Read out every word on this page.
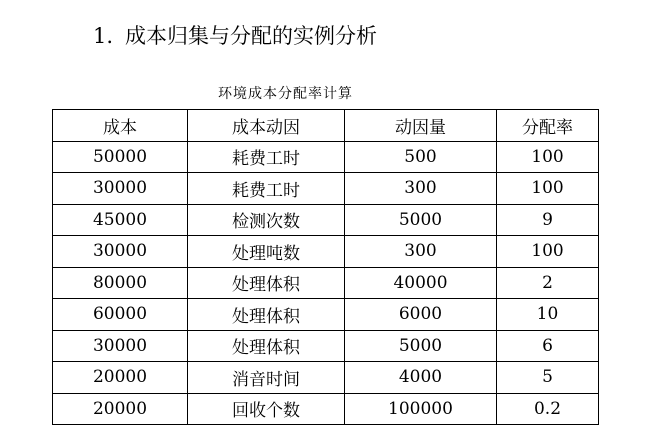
1. 成本归集与分配的实例分析
环境成本分配率计算
成本	成本动因	动因量	分配率
50000	耗费工时	500	100
30000	耗费工时	300	100
45000	检测次数	5000	9
30000	处理吨数	300	100
80000	处理体积	40000	2
60000	处理体积	6000	10
30000	处理体积	5000	6
20000	消音时间	4000	5
20000	回收个数	100000	0.2
